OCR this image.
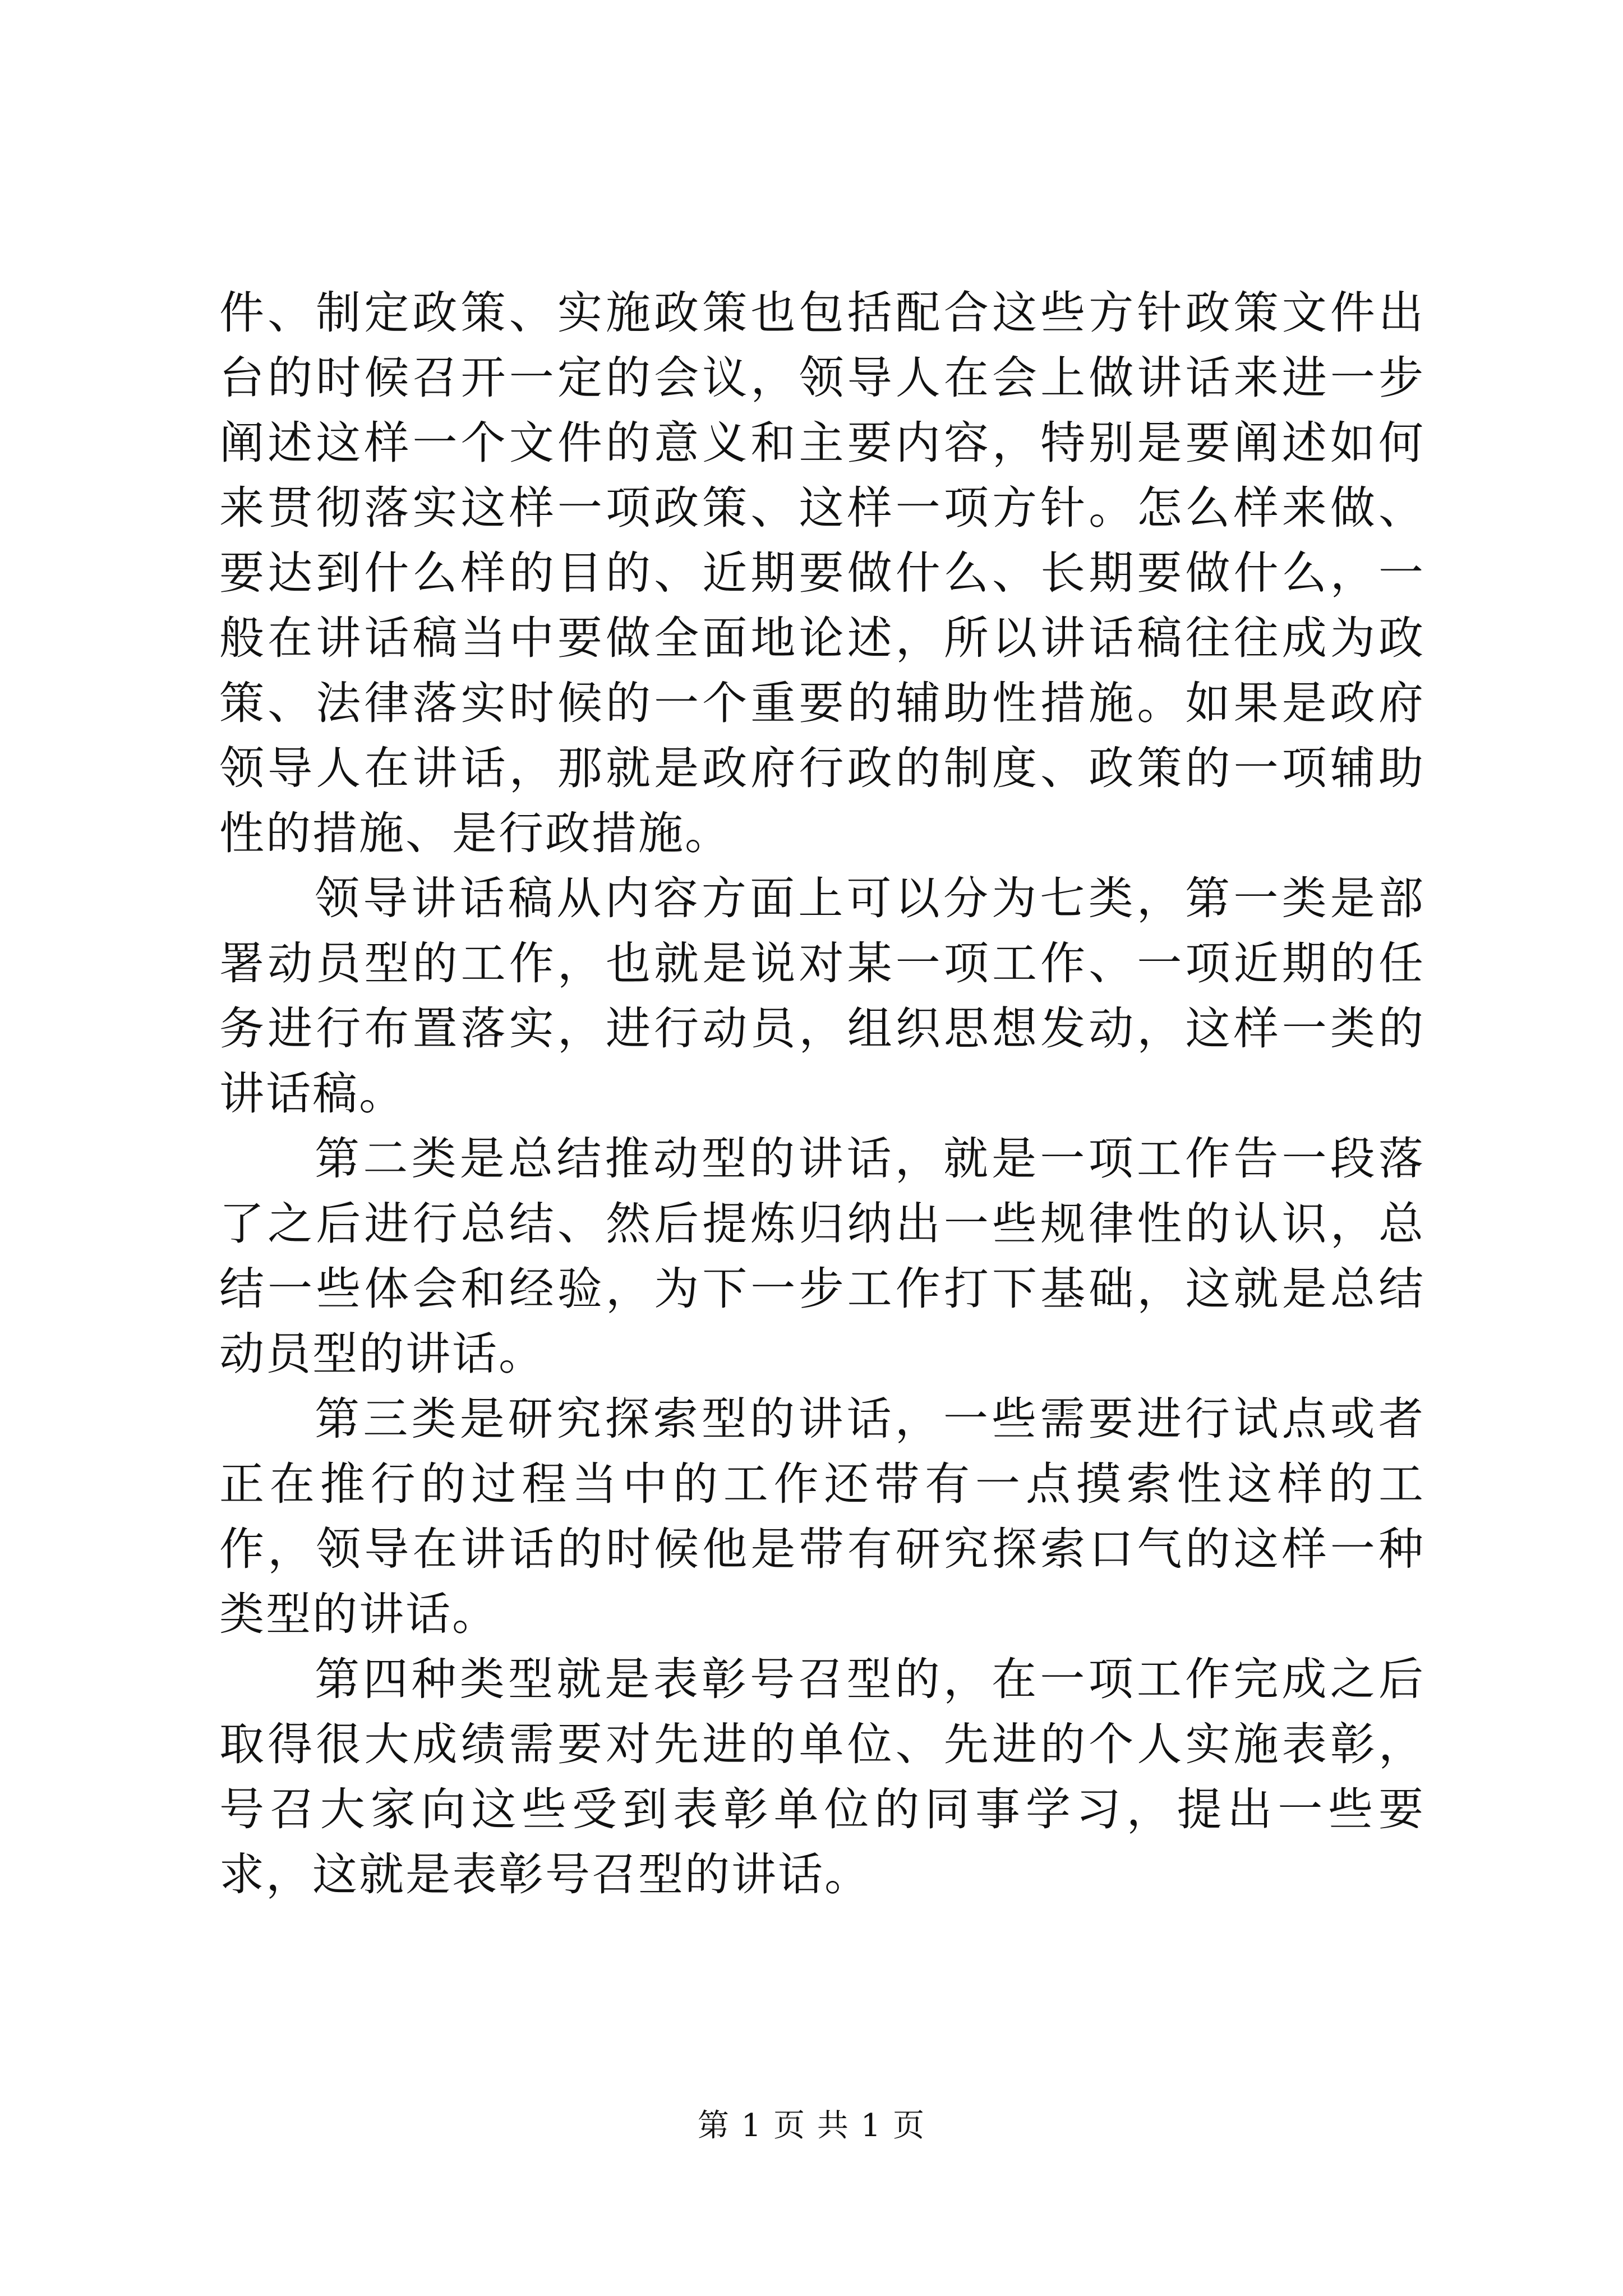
件、制定政策、实施政策也包括配合这些方针政策文件出台的时候召开一定的会议，领导人在会上做讲话来进一步阐述这样一个文件的意义和主要内容，特别是要阐述如何来贯彻落实这样一项政策、这样一项方针。怎么样来做、要达到什么样的目的、近期要做什么、长期要做什么，一般在讲话稿当中要做全面地论述，所以讲话稿往往成为政策、法律落实时候的一个重要的辅助性措施。如果是政府领导人在讲话，那就是政府行政的制度、政策的一项辅助性的措施、是行政措施。

领导讲话稿从内容方面上可以分为七类，第一类是部署动员型的工作，也就是说对某一项工作、一项近期的任务进行布置落实，进行动员，组织思想发动，这样一类的讲话稿。

第二类是总结推动型的讲话，就是一项工作告一段落了之后进行总结、然后提炼归纳出一些规律性的认识，总结一些体会和经验，为下一步工作打下基础，这就是总结动员型的讲话。

第三类是研究探索型的讲话，一些需要进行试点或者正在推行的过程当中的工作还带有一点摸索性这样的工作，领导在讲话的时候他是带有研究探索口气的这样一种类型的讲话。

第四种类型就是表彰号召型的，在一项工作完成之后取得很大成绩需要对先进的单位、先进的个人实施表彰，号召大家向这些受到表彰单位的同事学习，提出一些要求，这就是表彰号召型的讲话。

第 1 页 共 1 页
